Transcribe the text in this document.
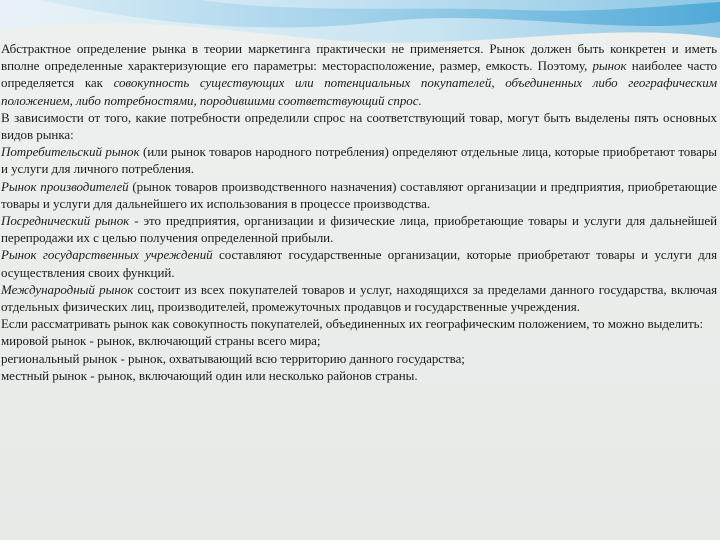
Абстрактное определение рынка в теории маркетинга практически не применяется. Рынок должен быть конкретен и иметь вполне определенные характеризующие его параметры: месторасположение, размер, емкость. Поэтому, рынок наиболее часто определяется как совокупность существующих или потенциальных покупателей, объединенных либо географическим положением, либо потребностями, породившими соответствующий спрос.

В зависимости от того, какие потребности определили спрос на соответствующий товар, могут быть выделены пять основных видов рынка:

Потребительский рынок (или рынок товаров народного потребления) определяют отдельные лица, которые приобретают товары и услуги для личного потребления.

Рынок производителей (рынок товаров производственного назначения) составляют организации и предприятия, приобретающие товары и услуги для дальнейшего их использования в процессе производства.

Посреднический рынок - это предприятия, организации и физические лица, приобретающие товары и услуги для дальнейшей перепродажи их с целью получения определенной прибыли.

Рынок государственных учреждений составляют государственные организации, которые приобретают товары и услуги для осуществления своих функций.

Международный рынок состоит из всех покупателей товаров и услуг, находящихся за пределами данного государства, включая отдельных физических лиц, производителей, промежуточных продавцов и государственные учреждения.

Если рассматривать рынок как совокупность покупателей, объединенных их географическим положением, то можно выделить:

мировой рынок - рынок, включающий страны всего мира;

региональный рынок - рынок, охватывающий всю территорию данного государства;

местный рынок - рынок, включающий один или несколько районов страны.
